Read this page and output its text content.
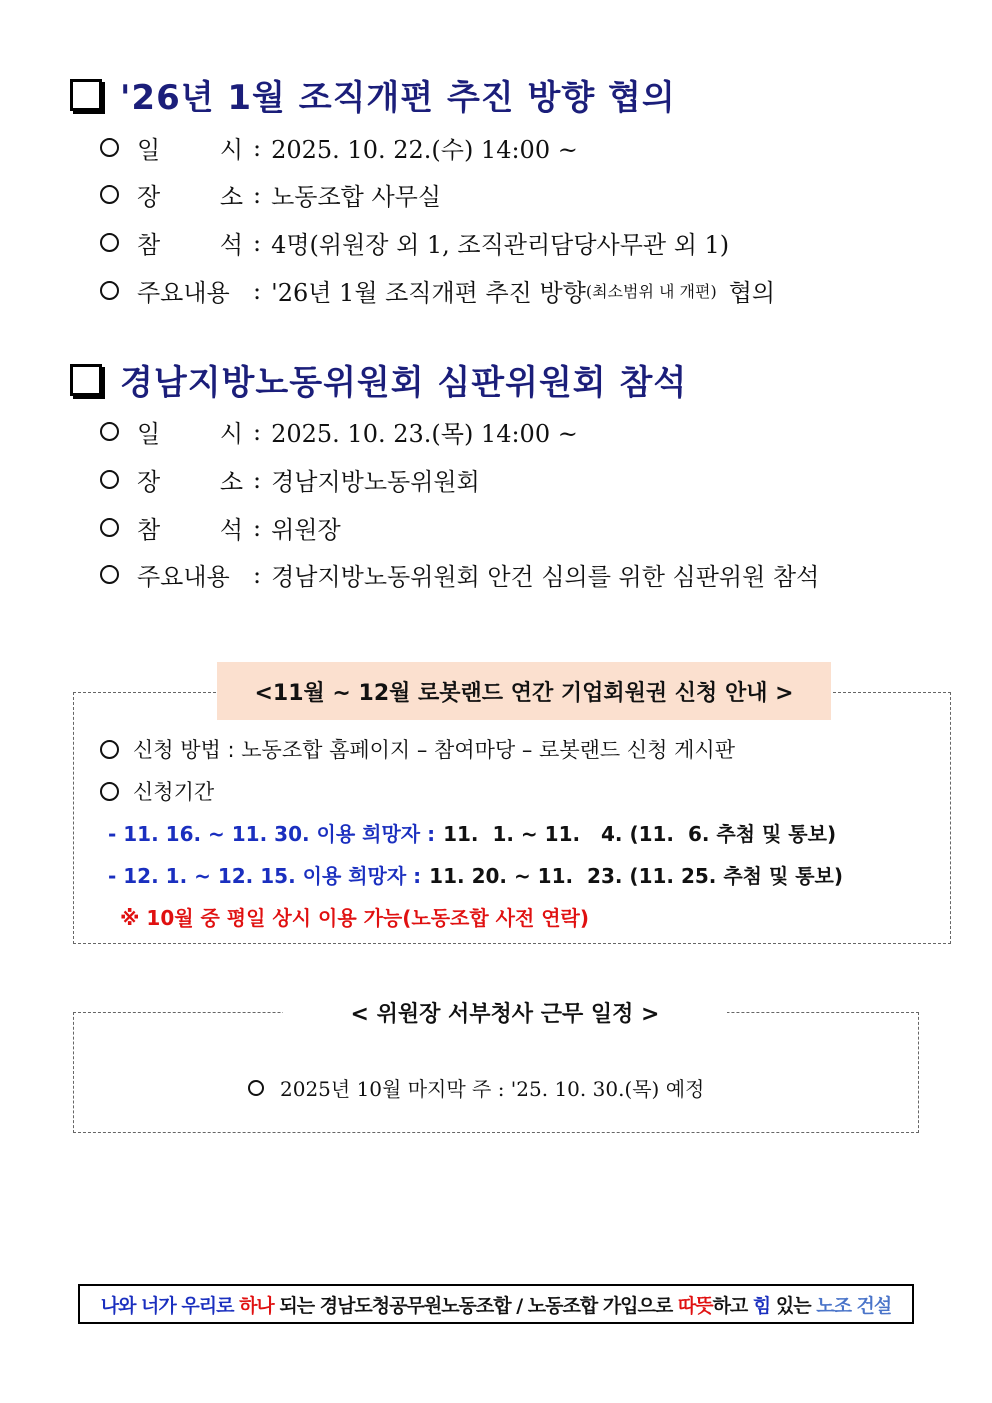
'26년 1월 조직개편 추진 방향 협의
일 시 : 2025. 10. 22.(수) 14:00 ~
장 소 : 노동조합 사무실
참 석 : 4명(위원장 외 1, 조직관리담당사무관 외 1)
주요내용 : '26년 1월 조직개편 추진 방향 (최소범위 내 개편) 협의
경남지방노동위원회 심판위원회 참석
일 시 : 2025. 10. 23.(목) 14:00 ~
장 소 : 경남지방노동위원회
참 석 : 위원장
주요내용 : 경남지방노동위원회 안건 심의를 위한 심판위원 참석
<11월 ~ 12월 로봇랜드 연간 기업회원권 신청 안내 >
신청 방법 : 노동조합 홈페이지 – 참여마당 – 로봇랜드 신청 게시판
신청기간
- 11. 16. ~ 11. 30. 이용 희망자 : 11.  1. ~ 11.   4. (11.  6. 추첨 및 통보)
- 12. 1. ~ 12. 15. 이용 희망자 : 11. 20. ~ 11.  23. (11. 25. 추첨 및 통보)
※ 10월 중 평일 상시 이용 가능(노동조합 사전 연락)
< 위원장 서부청사 근무 일정 >
2025년 10월 마지막 주 : '25. 10. 30.(목) 예정
나와 너가 우리로 하나 되는 경남도청공무원노동조합 / 노동조합 가입으로 따뜻 하고 힘 있는 노조 건설
